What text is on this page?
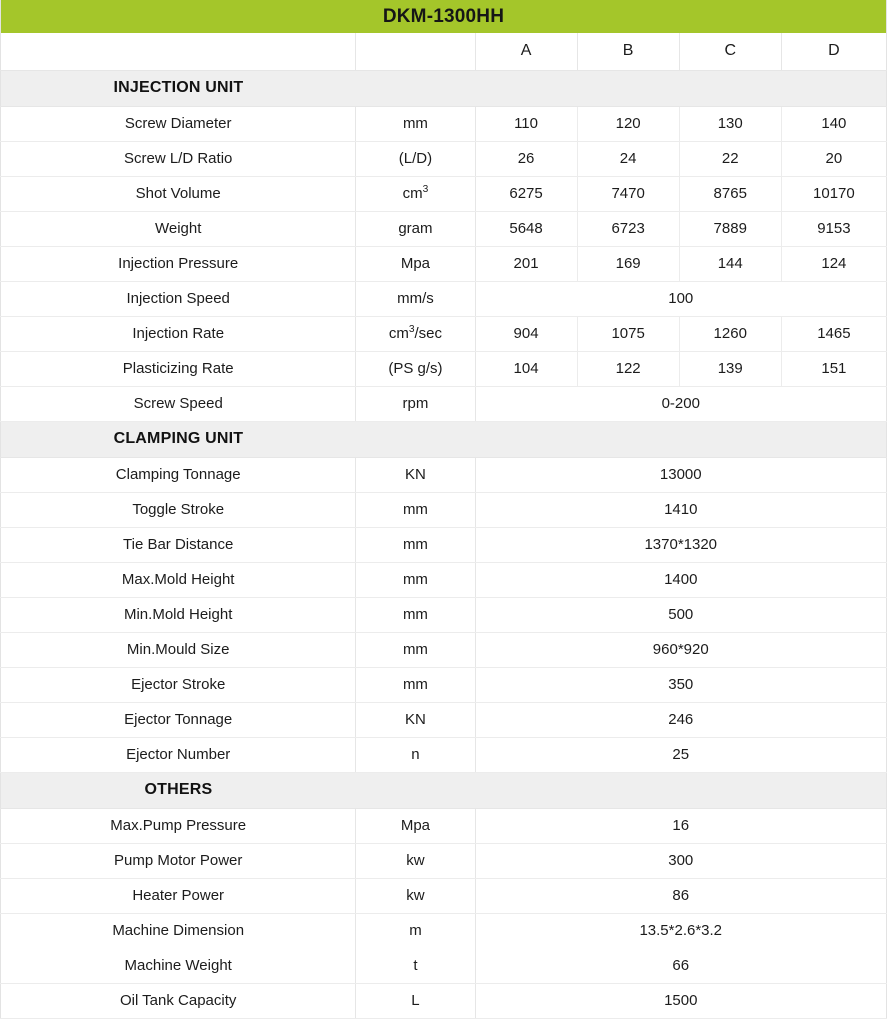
DKM-1300HH					
		A	B	C	D
INJECTION UNIT					
Screw Diameter	mm	110	120	130	140
Screw L/D Ratio	(L/D)	26	24	22	20
Shot Volume	$cm^3$	6275	7470	8765	10170
Weight	gram	5648	6723	7889	9153
Injection Pressure	Mpa	201	169	144	124
Injection Speed	mm/s	100			
Injection Rate	$cm^3/\sec$	904	1075	1260	1465
Plasticizing Rate	(PS g/s)	104	122	139	151
Screw Speed	rpm	0-200			
CLAMPING UNIT					
Clamping Tonnage	KN	13000			
Toggle Stroke	mm	1410			
Tie Bar Distance	mm	1370*1320			
Max.Mold Height	mm	1400			
Min.Mold Height	mm	500			
Min.Mould Size	mm	960*920			
Ejector Stroke	mm	350			
Ejector Tonnage	KN	246			
Ejector Number	n	25			
OTHERS					
Max.Pump Pressure	Mpa	16			
Pump Motor Power	kw	300			
Heater Power	kw	86			
Machine Dimension	m	13.5*2.6*3.2			
Machine Weight	t	66			
Oil Tank Capacity	L	1500			
